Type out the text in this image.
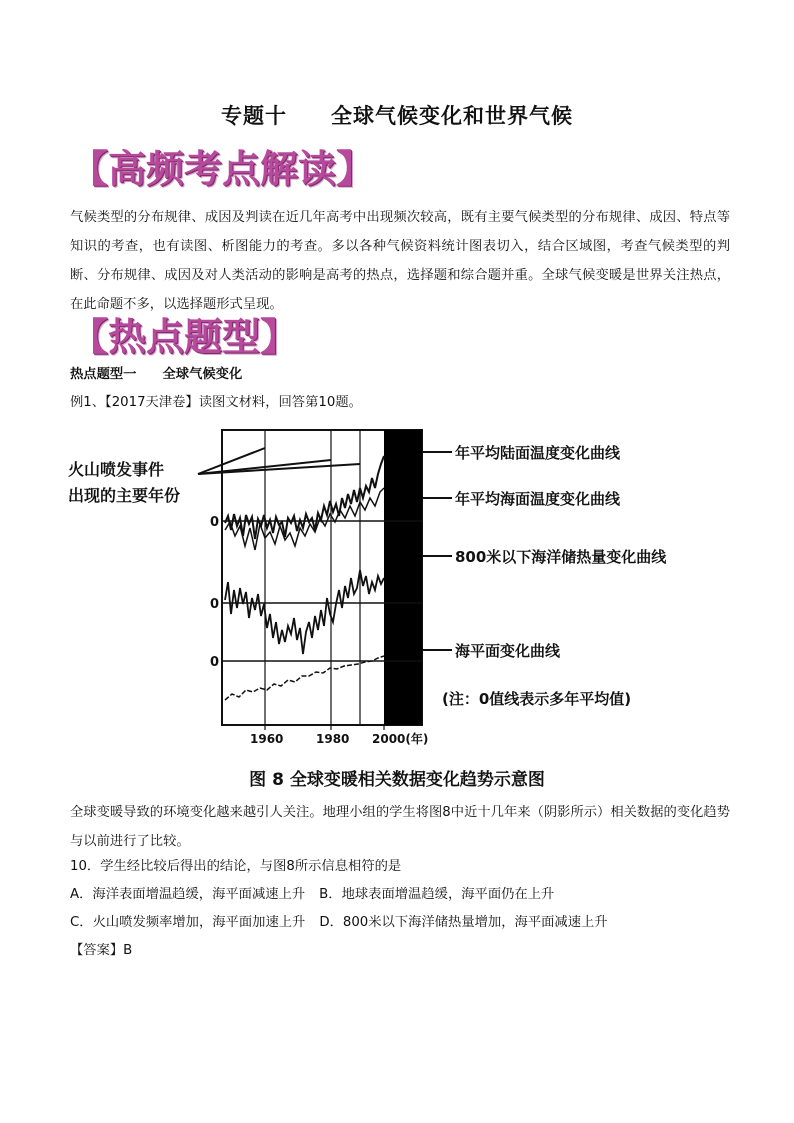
专题十 全球气候变化和世界气候
【高频考点解读】
气候类型的分布规律、成因及判读在近几年高考中出现频次较高，既有主要气候类型的分布规律、成因、特点等知识的考查，也有读图、析图能力的考查。多以各种气候资料统计图表切入，结合区域图，考查气候类型的判断、分布规律、成因及对人类活动的影响是高考的热点，选择题和综合题并重。全球气候变暖是世界关注热点，在此命题不多，以选择题形式呈现。
【热点题型】
热点题型一 全球气候变化
例1、【2017天津卷】读图文材料，回答第10题。
0
0
0
1960	1980 2000(年)
火山喷发事件
出现的主要年份
年平均陆面温度变化曲线
年平均海面温度变化曲线
800米以下海洋储热量变化曲线
海平面变化曲线
(注：0值线表示多年平均值)
图 8 全球变暖相关数据变化趋势示意图
全球变暖导致的环境变化越来越引人关注。地理小组的学生将图8中近十几年来（阴影所示）相关数据的变化趋势与以前进行了比较。
10．学生经比较后得出的结论，与图8所示信息相符的是
A．海洋表面增温趋缓，海平面减速上升 B．地球表面增温趋缓，海平面仍在上升
C．火山喷发频率增加，海平面加速上升 D．800米以下海洋储热量增加，海平面减速上升
【答案】B
